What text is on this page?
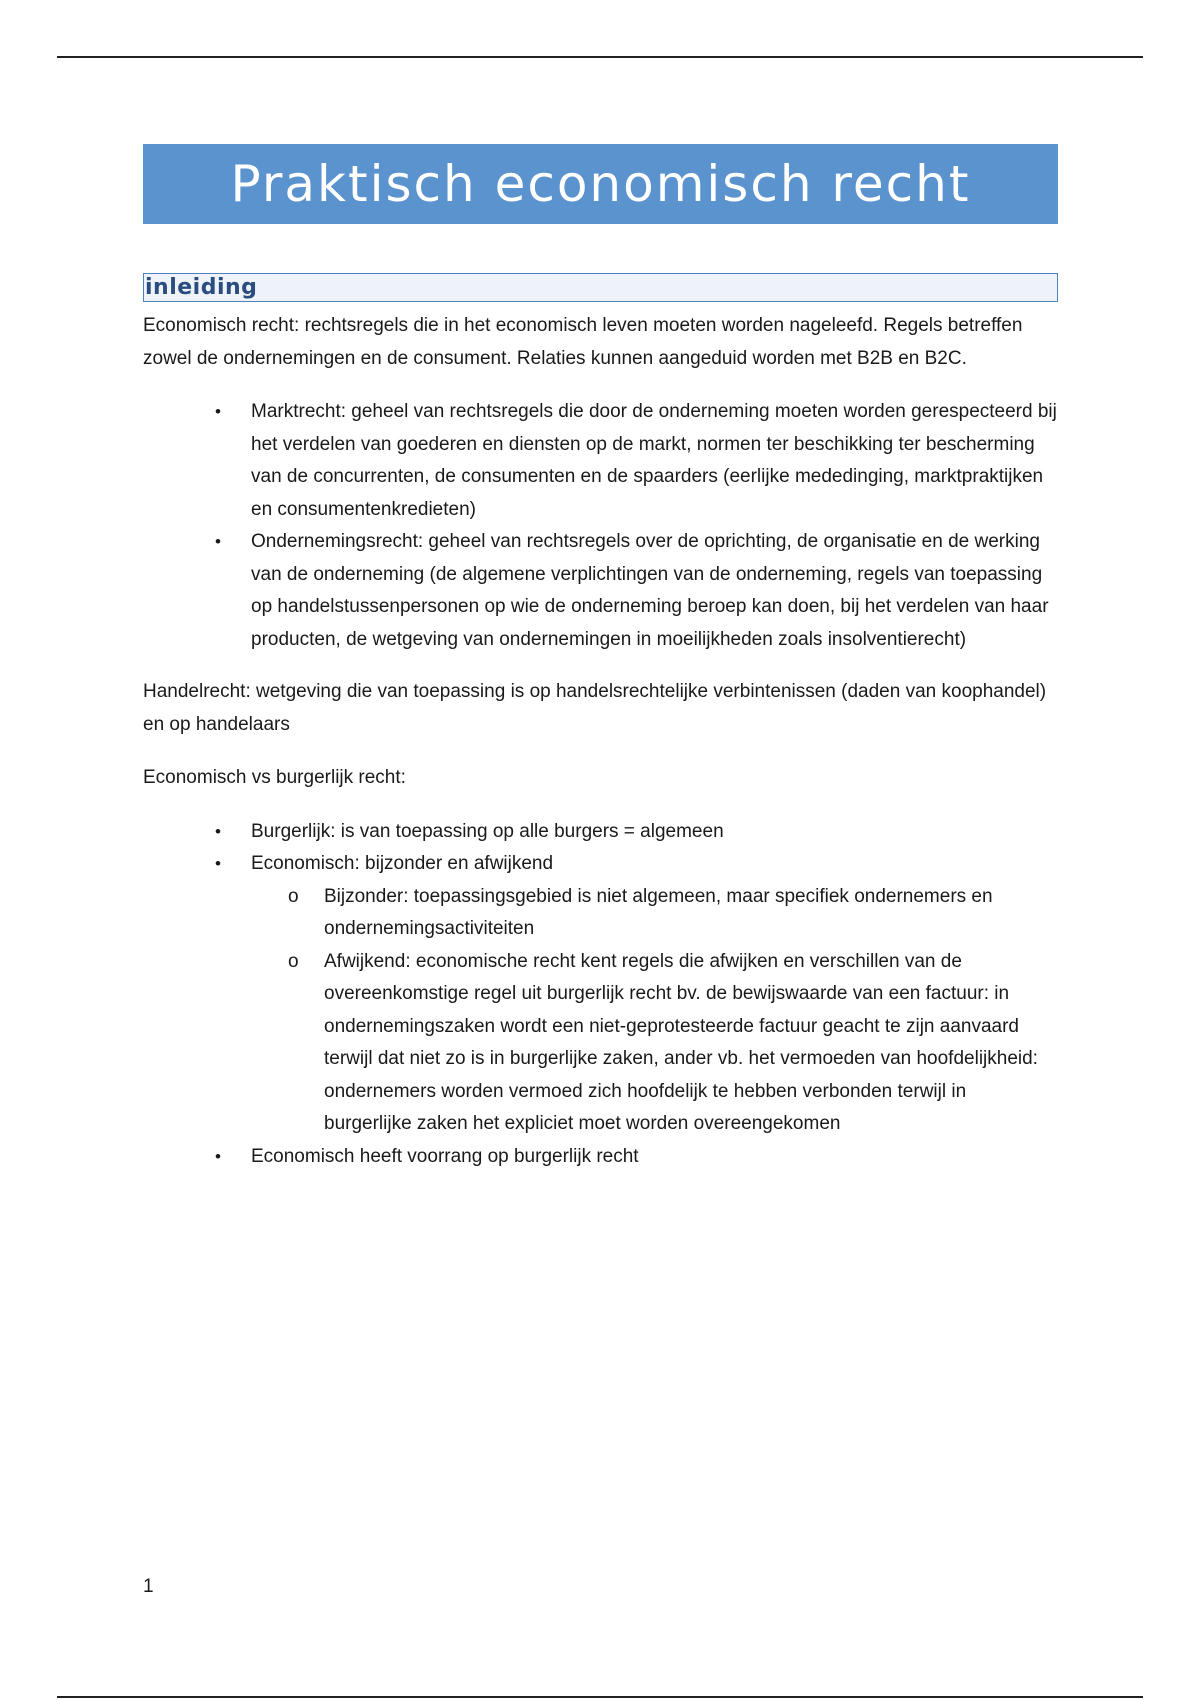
Praktisch economisch recht
inleiding

Economisch recht: rechtsregels die in het economisch leven moeten worden nageleefd. Regels betreffen zowel de ondernemingen en de consument. Relaties kunnen aangeduid worden met B2B en B2C.

• Marktrecht: geheel van rechtsregels die door de onderneming moeten worden gerespecteerd bij het verdelen van goederen en diensten op de markt, normen ter beschikking ter bescherming van de concurrenten, de consumenten en de spaarders (eerlijke mededinging, marktpraktijken en consumentenkredieten)
• Ondernemingsrecht: geheel van rechtsregels over de oprichting, de organisatie en de werking van de onderneming (de algemene verplichtingen van de onderneming, regels van toepassing op handelstussenpersonen op wie de onderneming beroep kan doen, bij het verdelen van haar producten, de wetgeving van ondernemingen in moeilijkheden zoals insolventierecht)

Handelrecht: wetgeving die van toepassing is op handelsrechtelijke verbintenissen (daden van koophandel) en op handelaars

Economisch vs burgerlijk recht:

• Burgerlijk: is van toepassing op alle burgers = algemeen
• Economisch: bijzonder en afwijkend
o Bijzonder: toepassingsgebied is niet algemeen, maar specifiek ondernemers en ondernemingsactiviteiten
o Afwijkend: economische recht kent regels die afwijken en verschillen van de overeenkomstige regel uit burgerlijk recht bv. de bewijswaarde van een factuur: in ondernemingszaken wordt een niet-geprotesteerde factuur geacht te zijn aanvaard terwijl dat niet zo is in burgerlijke zaken, ander vb. het vermoeden van hoofdelijkheid: ondernemers worden vermoed zich hoofdelijk te hebben verbonden terwijl in burgerlijke zaken het expliciet moet worden overeengekomen
• Economisch heeft voorrang op burgerlijk recht
1
